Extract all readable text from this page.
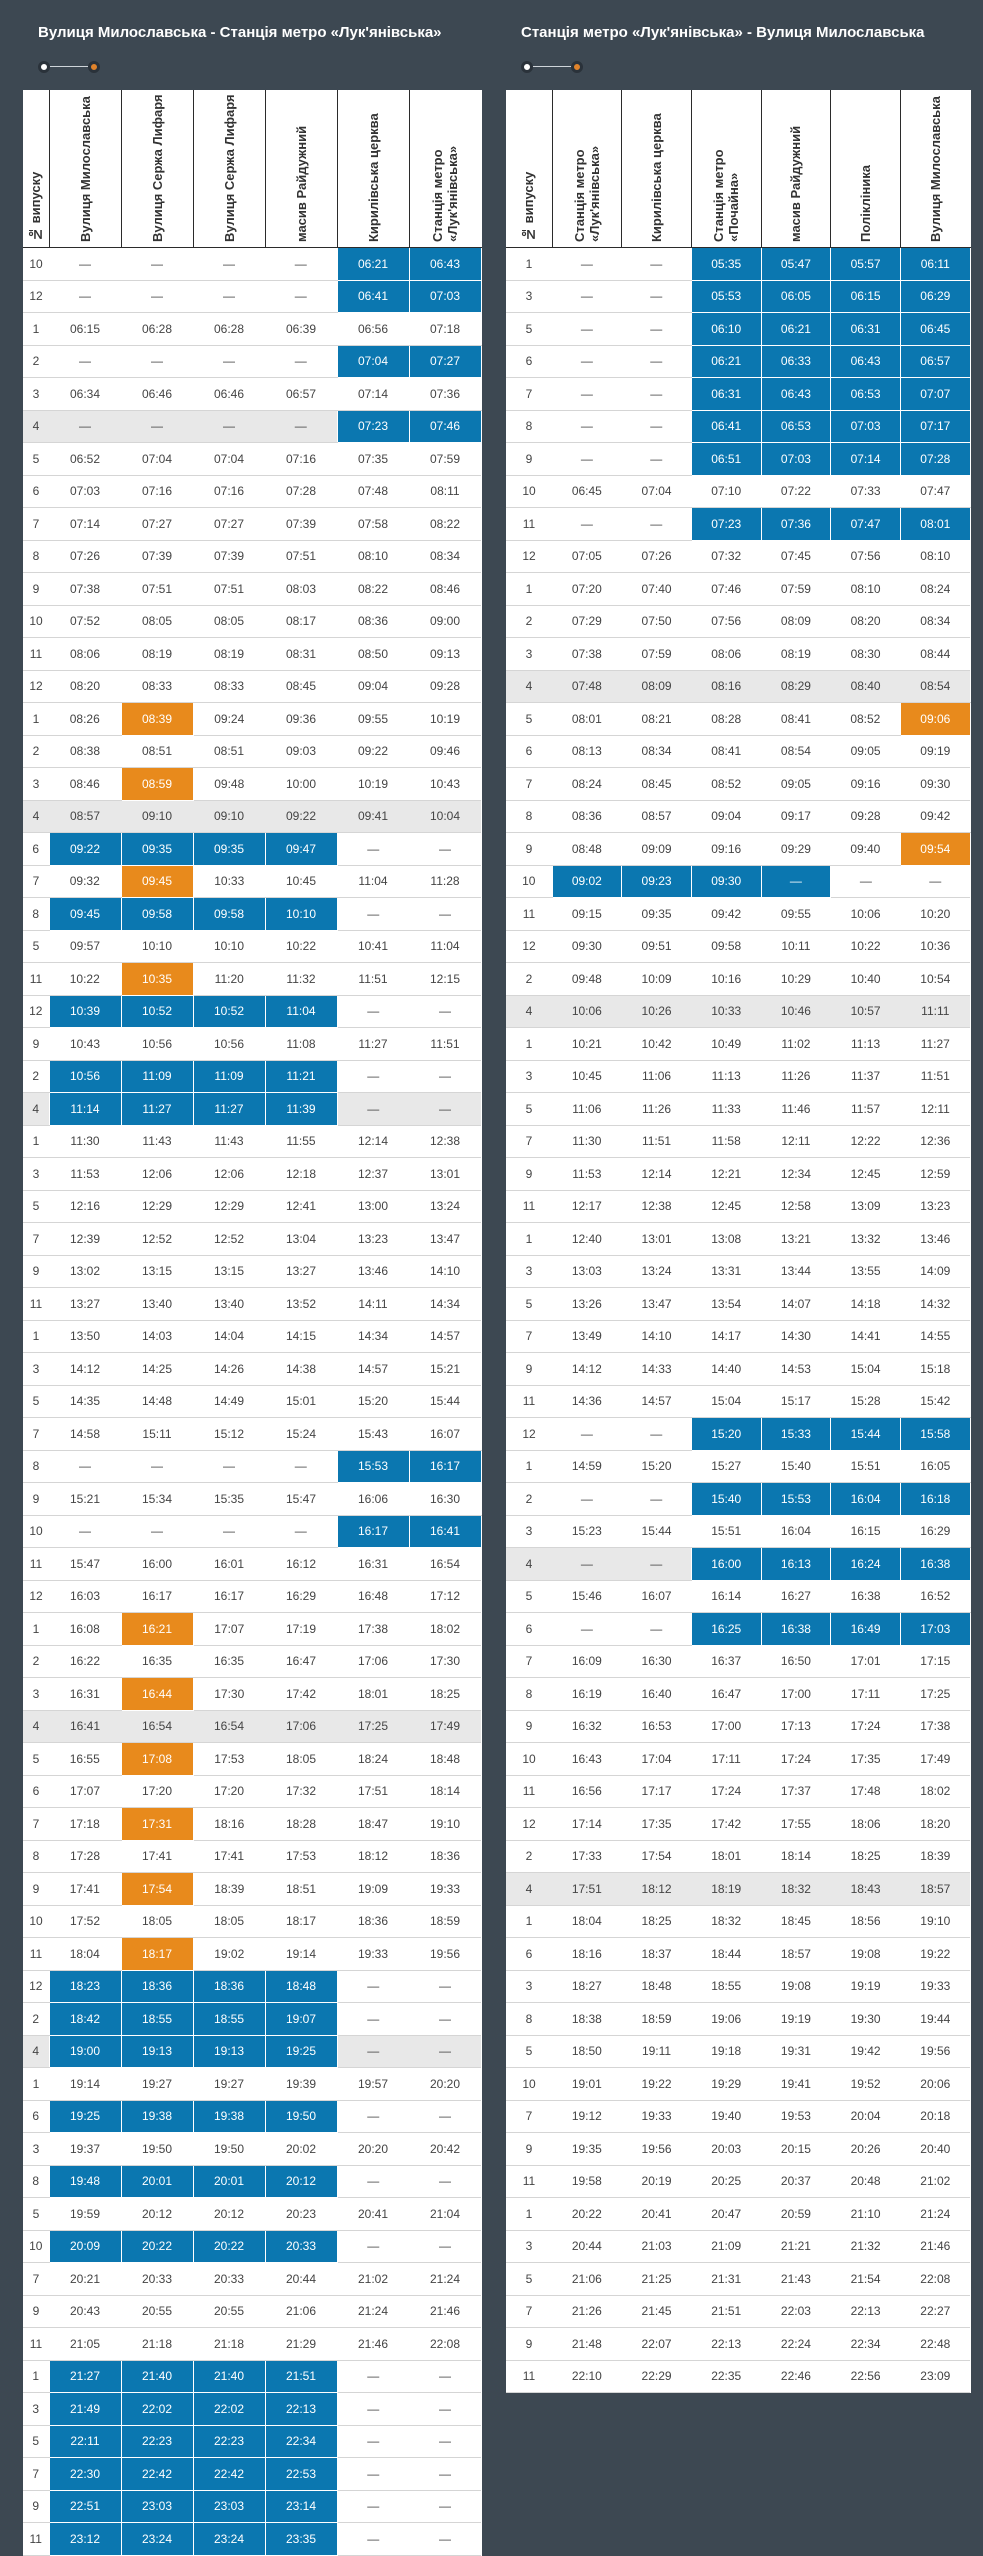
Вулиця Милославська - Станція метро «Лук'янівська»
№ випуску	Вулиця Милославська	Вулиця Сержа Лифаря	Вулиця Сержа Лифаря	масив Райдужний	Кирилівська церква	Станція метро «Лук'янівська»

10	—	—	—	—	06:21	06:43
12	—	—	—	—	06:41	07:03
1	06:15	06:28	06:28	06:39	06:56	07:18
2	—	—	—	—	07:04	07:27
3	06:34	06:46	06:46	06:57	07:14	07:36
4	—	—	—	—	07:23	07:46
5	06:52	07:04	07:04	07:16	07:35	07:59
6	07:03	07:16	07:16	07:28	07:48	08:11
7	07:14	07:27	07:27	07:39	07:58	08:22
8	07:26	07:39	07:39	07:51	08:10	08:34
9	07:38	07:51	07:51	08:03	08:22	08:46
10	07:52	08:05	08:05	08:17	08:36	09:00
11	08:06	08:19	08:19	08:31	08:50	09:13
12	08:20	08:33	08:33	08:45	09:04	09:28
1	08:26	08:39	09:24	09:36	09:55	10:19
2	08:38	08:51	08:51	09:03	09:22	09:46
3	08:46	08:59	09:48	10:00	10:19	10:43
4	08:57	09:10	09:10	09:22	09:41	10:04
6	09:22	09:35	09:35	09:47	—	—
7	09:32	09:45	10:33	10:45	11:04	11:28
8	09:45	09:58	09:58	10:10	—	—
5	09:57	10:10	10:10	10:22	10:41	11:04
11	10:22	10:35	11:20	11:32	11:51	12:15
12	10:39	10:52	10:52	11:04	—	—
9	10:43	10:56	10:56	11:08	11:27	11:51
2	10:56	11:09	11:09	11:21	—	—
4	11:14	11:27	11:27	11:39	—	—
1	11:30	11:43	11:43	11:55	12:14	12:38
3	11:53	12:06	12:06	12:18	12:37	13:01
5	12:16	12:29	12:29	12:41	13:00	13:24
7	12:39	12:52	12:52	13:04	13:23	13:47
9	13:02	13:15	13:15	13:27	13:46	14:10
11	13:27	13:40	13:40	13:52	14:11	14:34
1	13:50	14:03	14:04	14:15	14:34	14:57
3	14:12	14:25	14:26	14:38	14:57	15:21
5	14:35	14:48	14:49	15:01	15:20	15:44
7	14:58	15:11	15:12	15:24	15:43	16:07
8	—	—	—	—	15:53	16:17
9	15:21	15:34	15:35	15:47	16:06	16:30
10	—	—	—	—	16:17	16:41
11	15:47	16:00	16:01	16:12	16:31	16:54
12	16:03	16:17	16:17	16:29	16:48	17:12
1	16:08	16:21	17:07	17:19	17:38	18:02
2	16:22	16:35	16:35	16:47	17:06	17:30
3	16:31	16:44	17:30	17:42	18:01	18:25
4	16:41	16:54	16:54	17:06	17:25	17:49
5	16:55	17:08	17:53	18:05	18:24	18:48
6	17:07	17:20	17:20	17:32	17:51	18:14
7	17:18	17:31	18:16	18:28	18:47	19:10
8	17:28	17:41	17:41	17:53	18:12	18:36
9	17:41	17:54	18:39	18:51	19:09	19:33
10	17:52	18:05	18:05	18:17	18:36	18:59
11	18:04	18:17	19:02	19:14	19:33	19:56
12	18:23	18:36	18:36	18:48	—	—
2	18:42	18:55	18:55	19:07	—	—
4	19:00	19:13	19:13	19:25	—	—
1	19:14	19:27	19:27	19:39	19:57	20:20
6	19:25	19:38	19:38	19:50	—	—
3	19:37	19:50	19:50	20:02	20:20	20:42
8	19:48	20:01	20:01	20:12	—	—
5	19:59	20:12	20:12	20:23	20:41	21:04
10	20:09	20:22	20:22	20:33	—	—
7	20:21	20:33	20:33	20:44	21:02	21:24
9	20:43	20:55	20:55	21:06	21:24	21:46
11	21:05	21:18	21:18	21:29	21:46	22:08
1	21:27	21:40	21:40	21:51	—	—
3	21:49	22:02	22:02	22:13	—	—
5	22:11	22:23	22:23	22:34	—	—
7	22:30	22:42	22:42	22:53	—	—
9	22:51	23:03	23:03	23:14	—	—
11	23:12	23:24	23:24	23:35	—	—
Станція метро «Лук'янівська» - Вулиця Милославська
№ випуску	Станція метро «Лук'янівська»	Кирилівська церква	Станція метро «Почайна»	масив Райдужний	Полікліника	Вулиця Милославська

1	—	—	05:35	05:47	05:57	06:11
3	—	—	05:53	06:05	06:15	06:29
5	—	—	06:10	06:21	06:31	06:45
6	—	—	06:21	06:33	06:43	06:57
7	—	—	06:31	06:43	06:53	07:07
8	—	—	06:41	06:53	07:03	07:17
9	—	—	06:51	07:03	07:14	07:28
10	06:45	07:04	07:10	07:22	07:33	07:47
11	—	—	07:23	07:36	07:47	08:01
12	07:05	07:26	07:32	07:45	07:56	08:10
1	07:20	07:40	07:46	07:59	08:10	08:24
2	07:29	07:50	07:56	08:09	08:20	08:34
3	07:38	07:59	08:06	08:19	08:30	08:44
4	07:48	08:09	08:16	08:29	08:40	08:54
5	08:01	08:21	08:28	08:41	08:52	09:06
6	08:13	08:34	08:41	08:54	09:05	09:19
7	08:24	08:45	08:52	09:05	09:16	09:30
8	08:36	08:57	09:04	09:17	09:28	09:42
9	08:48	09:09	09:16	09:29	09:40	09:54
10	09:02	09:23	09:30	—	—	—
11	09:15	09:35	09:42	09:55	10:06	10:20
12	09:30	09:51	09:58	10:11	10:22	10:36
2	09:48	10:09	10:16	10:29	10:40	10:54
4	10:06	10:26	10:33	10:46	10:57	11:11
1	10:21	10:42	10:49	11:02	11:13	11:27
3	10:45	11:06	11:13	11:26	11:37	11:51
5	11:06	11:26	11:33	11:46	11:57	12:11
7	11:30	11:51	11:58	12:11	12:22	12:36
9	11:53	12:14	12:21	12:34	12:45	12:59
11	12:17	12:38	12:45	12:58	13:09	13:23
1	12:40	13:01	13:08	13:21	13:32	13:46
3	13:03	13:24	13:31	13:44	13:55	14:09
5	13:26	13:47	13:54	14:07	14:18	14:32
7	13:49	14:10	14:17	14:30	14:41	14:55
9	14:12	14:33	14:40	14:53	15:04	15:18
11	14:36	14:57	15:04	15:17	15:28	15:42
12	—	—	15:20	15:33	15:44	15:58
1	14:59	15:20	15:27	15:40	15:51	16:05
2	—	—	15:40	15:53	16:04	16:18
3	15:23	15:44	15:51	16:04	16:15	16:29
4	—	—	16:00	16:13	16:24	16:38
5	15:46	16:07	16:14	16:27	16:38	16:52
6	—	—	16:25	16:38	16:49	17:03
7	16:09	16:30	16:37	16:50	17:01	17:15
8	16:19	16:40	16:47	17:00	17:11	17:25
9	16:32	16:53	17:00	17:13	17:24	17:38
10	16:43	17:04	17:11	17:24	17:35	17:49
11	16:56	17:17	17:24	17:37	17:48	18:02
12	17:14	17:35	17:42	17:55	18:06	18:20
2	17:33	17:54	18:01	18:14	18:25	18:39
4	17:51	18:12	18:19	18:32	18:43	18:57
1	18:04	18:25	18:32	18:45	18:56	19:10
6	18:16	18:37	18:44	18:57	19:08	19:22
3	18:27	18:48	18:55	19:08	19:19	19:33
8	18:38	18:59	19:06	19:19	19:30	19:44
5	18:50	19:11	19:18	19:31	19:42	19:56
10	19:01	19:22	19:29	19:41	19:52	20:06
7	19:12	19:33	19:40	19:53	20:04	20:18
9	19:35	19:56	20:03	20:15	20:26	20:40
11	19:58	20:19	20:25	20:37	20:48	21:02
1	20:22	20:41	20:47	20:59	21:10	21:24
3	20:44	21:03	21:09	21:21	21:32	21:46
5	21:06	21:25	21:31	21:43	21:54	22:08
7	21:26	21:45	21:51	22:03	22:13	22:27
9	21:48	22:07	22:13	22:24	22:34	22:48
11	22:10	22:29	22:35	22:46	22:56	23:09
